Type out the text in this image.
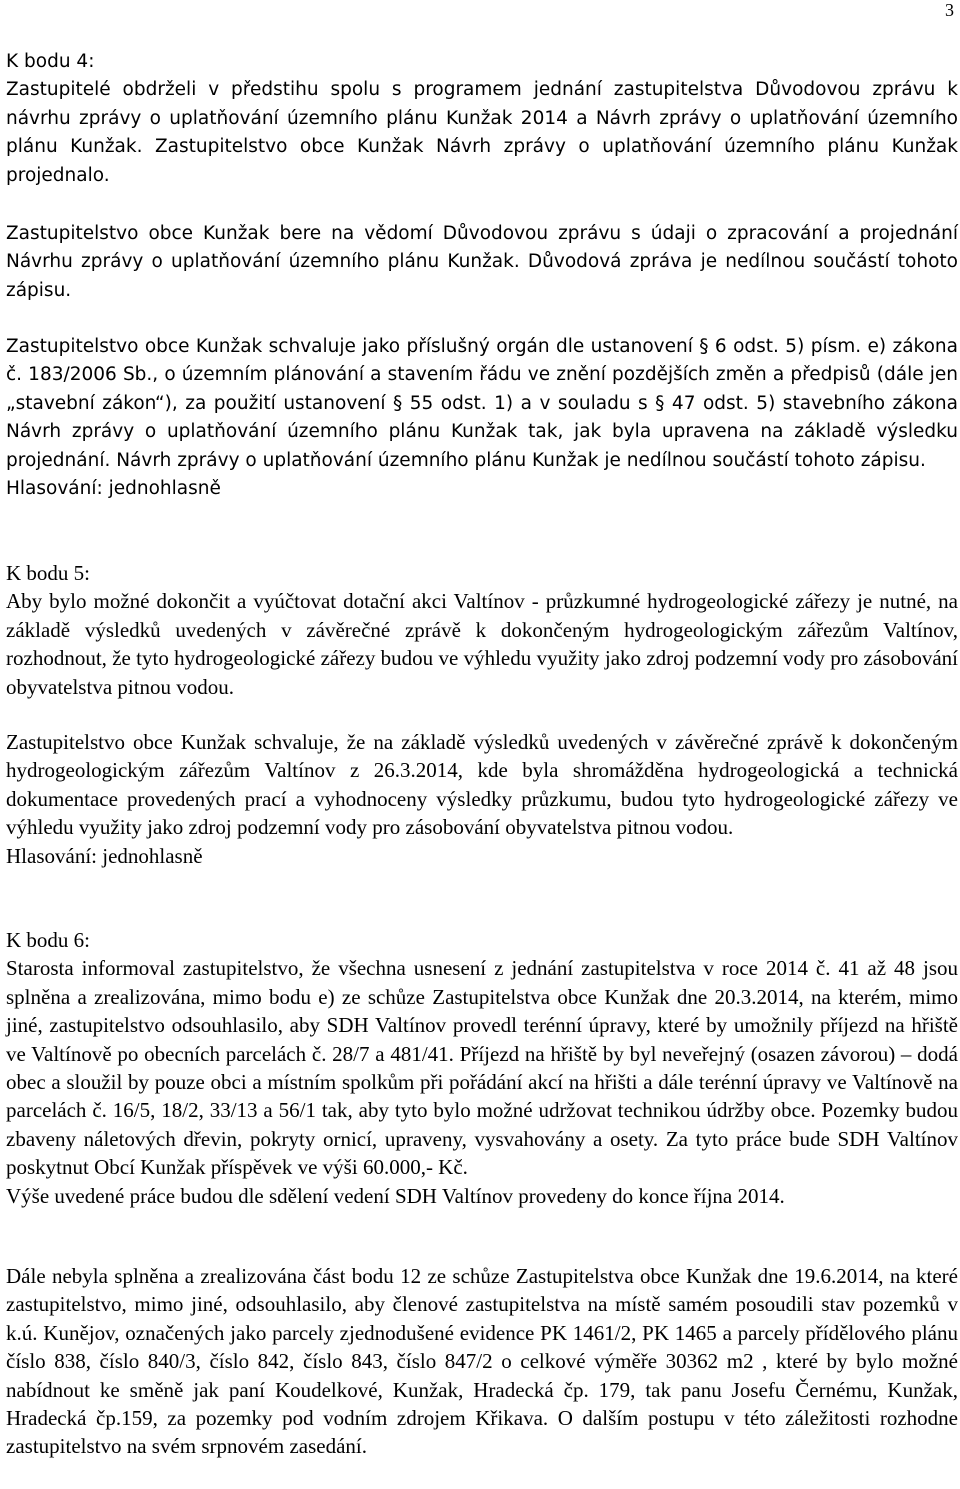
3

K bodu 4:

Zastupitelé obdrželi v předstihu spolu s programem jednání zastupitelstva Důvodovou zprávu k návrhu zprávy o uplatňování územního plánu Kunžak 2014 a Návrh zprávy o uplatňování územního plánu Kunžak. Zastupitelstvo obce Kunžak Návrh zprávy o uplatňování územního plánu Kunžak projednalo.

Zastupitelstvo obce Kunžak bere na vědomí Důvodovou zprávu s údaji o zpracování a projednání Návrhu zprávy o uplatňování územního plánu Kunžak. Důvodová zpráva je nedílnou součástí tohoto zápisu.

Zastupitelstvo obce Kunžak schvaluje jako příslušný orgán dle ustanovení § 6 odst. 5) písm. e) zákona č. 183/2006 Sb., o územním plánování a stavením řádu ve znění pozdějších změn a předpisů (dále jen „stavební zákon“), za použití ustanovení § 55 odst. 1) a v souladu s § 47 odst. 5) stavebního zákona Návrh zprávy o uplatňování územního plánu Kunžak tak, jak byla upravena na základě výsledku projednání. Návrh zprávy o uplatňování územního plánu Kunžak je nedílnou součástí tohoto zápisu.

Hlasování: jednohlasně

K bodu 5:

Aby bylo možné dokončit a vyúčtovat dotační akci Valtínov - průzkumné hydrogeologické zářezy je nutné, na základě výsledků uvedených v závěrečné zprávě k dokončeným hydrogeologickým zářezům Valtínov, rozhodnout, že tyto hydrogeologické zářezy budou ve výhledu využity jako zdroj podzemní vody pro zásobování obyvatelstva pitnou vodou.

Zastupitelstvo obce Kunžak schvaluje, že na základě výsledků uvedených v závěrečné zprávě k dokončeným hydrogeologickým zářezům Valtínov z 26.3.2014, kde byla shromážděna hydrogeologická a technická dokumentace provedených prací a vyhodnoceny výsledky průzkumu, budou tyto hydrogeologické zářezy ve výhledu využity jako zdroj podzemní vody pro zásobování obyvatelstva pitnou vodou.

Hlasování: jednohlasně

K bodu 6:

Starosta informoval zastupitelstvo, že všechna usnesení z jednání zastupitelstva v roce 2014 č. 41 až 48 jsou splněna a zrealizována, mimo bodu e) ze schůze Zastupitelstva obce Kunžak dne 20.3.2014, na kterém, mimo jiné, zastupitelstvo odsouhlasilo, aby SDH Valtínov provedl terénní úpravy, které by umožnily příjezd na hřiště ve Valtínově po obecních parcelách č. 28/7 a 481/41. Příjezd na hřiště by byl neveřejný (osazen závorou) – dodá obec a sloužil by pouze obci a místním spolkům při pořádání akcí na hřišti a dále terénní úpravy ve Valtínově na parcelách č. 16/5, 18/2, 33/13 a 56/1 tak, aby tyto bylo možné udržovat technikou údržby obce. Pozemky budou zbaveny náletových dřevin, pokryty ornicí, upraveny, vysvahovány a osety. Za tyto práce bude SDH Valtínov poskytnut Obcí Kunžak příspěvek ve výši 60.000,- Kč.

Výše uvedené práce budou dle sdělení vedení SDH Valtínov provedeny do konce října 2014.

Dále nebyla splněna a zrealizována část bodu 12 ze schůze Zastupitelstva obce Kunžak dne 19.6.2014, na které zastupitelstvo, mimo jiné, odsouhlasilo, aby členové zastupitelstva na místě samém posoudili stav pozemků v k.ú. Kunějov, označených jako parcely zjednodušené evidence PK 1461/2, PK 1465 a parcely přídělového plánu číslo 838, číslo 840/3, číslo 842, číslo 843, číslo 847/2 o celkové výměře 30362 m2 , které by bylo možné nabídnout ke směně jak paní Koudelkové, Kunžak, Hradecká čp. 179, tak panu Josefu Černému, Kunžak, Hradecká čp.159, za pozemky pod vodním zdrojem Křikava. O dalším postupu v této záležitosti rozhodne zastupitelstvo na svém srpnovém zasedání.
